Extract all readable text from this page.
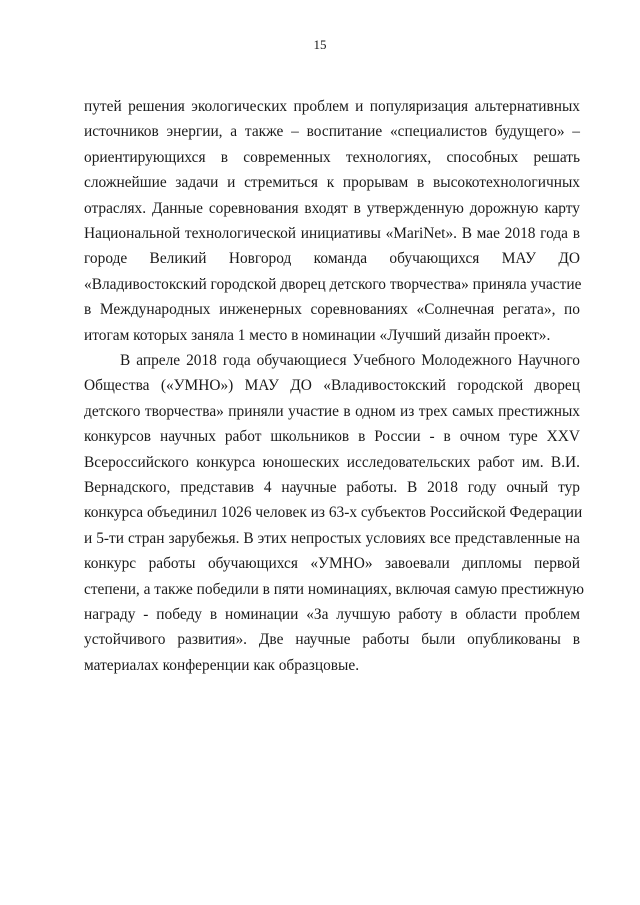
15
путей решения экологических проблем и популяризация альтернативных
источников энергии, а также – воспитание «специалистов будущего» –
ориентирующихся в современных технологиях, способных решать
сложнейшие задачи и стремиться к прорывам в высокотехнологичных
отраслях. Данные соревнования входят в утвержденную дорожную карту
Национальной технологической инициативы «MariNet». В мае 2018 года в
городе Великий Новгород команда обучающихся МАУ ДО
«Владивостокский городской дворец детского творчества» приняла участие
в Международных инженерных соревнованиях «Солнечная регата», по
итогам которых заняла 1 место в номинации «Лучший дизайн проект».
В апреле 2018 года обучающиеся Учебного Молодежного Научного
Общества («УМНО») МАУ ДО «Владивостокский городской дворец
детского творчества» приняли участие в одном из трех самых престижных
конкурсов научных работ школьников в России - в очном туре XXV
Всероссийского конкурса юношеских исследовательских работ им. В.И.
Вернадского, представив 4 научные работы. В 2018 году очный тур
конкурса объединил 1026 человек из 63-х субъектов Российской Федерации
и 5-ти стран зарубежья. В этих непростых условиях все представленные на
конкурс работы обучающихся «УМНО» завоевали дипломы первой
степени, а также победили в пяти номинациях, включая самую престижную
награду - победу в номинации «За лучшую работу в области проблем
устойчивого развития». Две научные работы были опубликованы в
материалах конференции как образцовые.
